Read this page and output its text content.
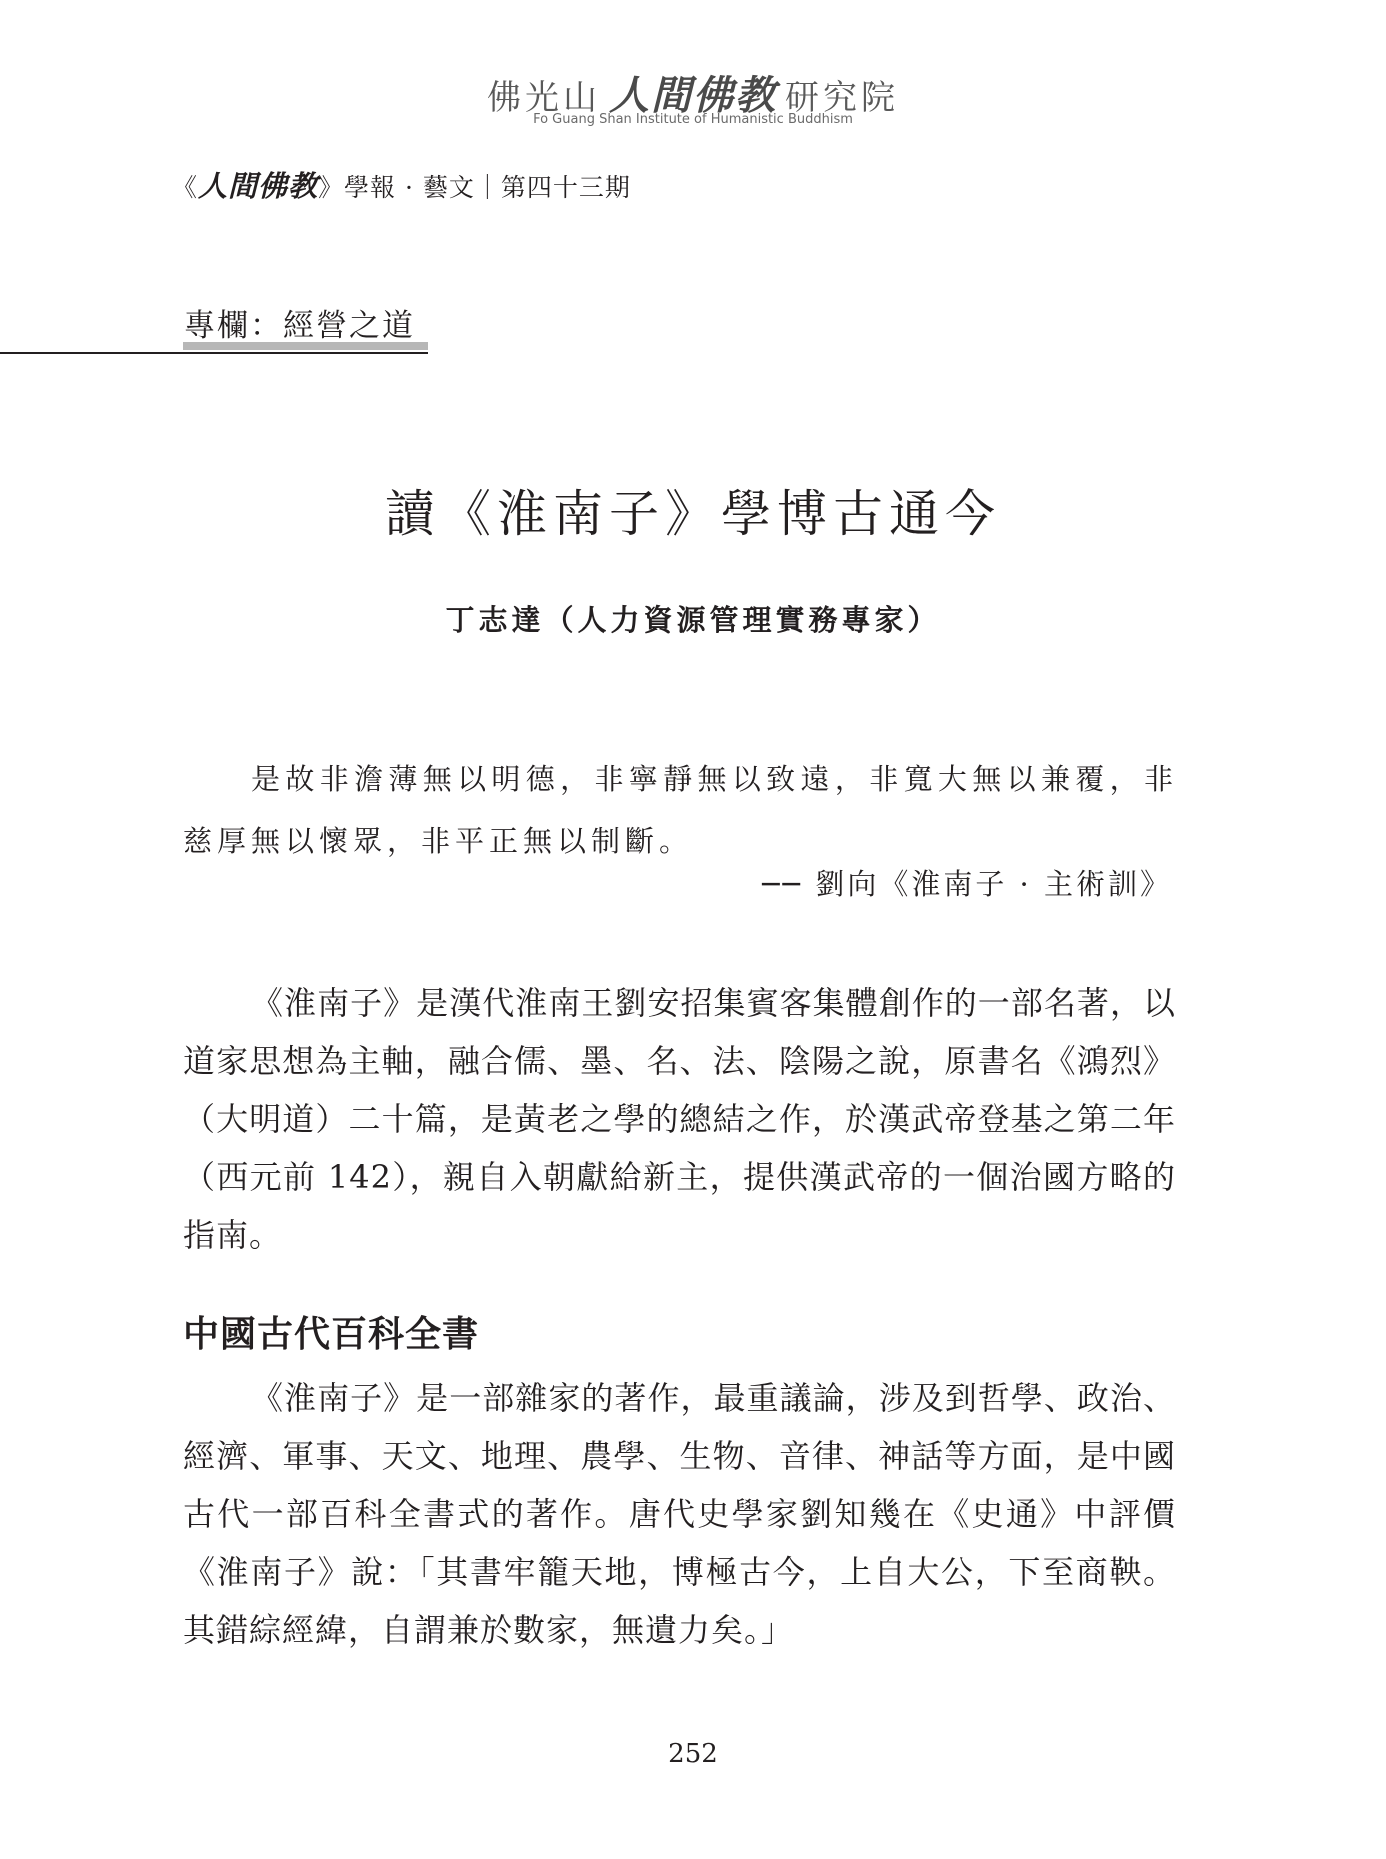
佛光山 人間佛教 研究院
Fo Guang Shan Institute of Humanistic Buddhism
《人間佛教》學報 · 藝文｜第四十三期
專欄：經營之道
讀《淮南子》學博古通今
丁志達（人力資源管理實務專家）
是故非澹薄無以明德，非寧靜無以致遠，非寬大無以兼覆，非慈厚無以懷眾，非平正無以制斷。
── 劉向《淮南子 · 主術訓》
《淮南子》是漢代淮南王劉安招集賓客集體創作的一部名著，以道家思想為主軸，融合儒、墨、名、法、陰陽之說，原書名《鴻烈》（大明道）二十篇，是黃老之學的總結之作，於漢武帝登基之第二年（西元前 142），親自入朝獻給新主，提供漢武帝的一個治國方略的指南。
中國古代百科全書
《淮南子》是一部雜家的著作，最重議論，涉及到哲學、政治、經濟、軍事、天文、地理、農學、生物、音律、神話等方面，是中國古代一部百科全書式的著作。唐代史學家劉知幾在《史通》中評價《淮南子》說：「其書牢籠天地，博極古今，上自大公，下至商鞅。其錯綜經緯，自謂兼於數家，無遺力矣。」
252
